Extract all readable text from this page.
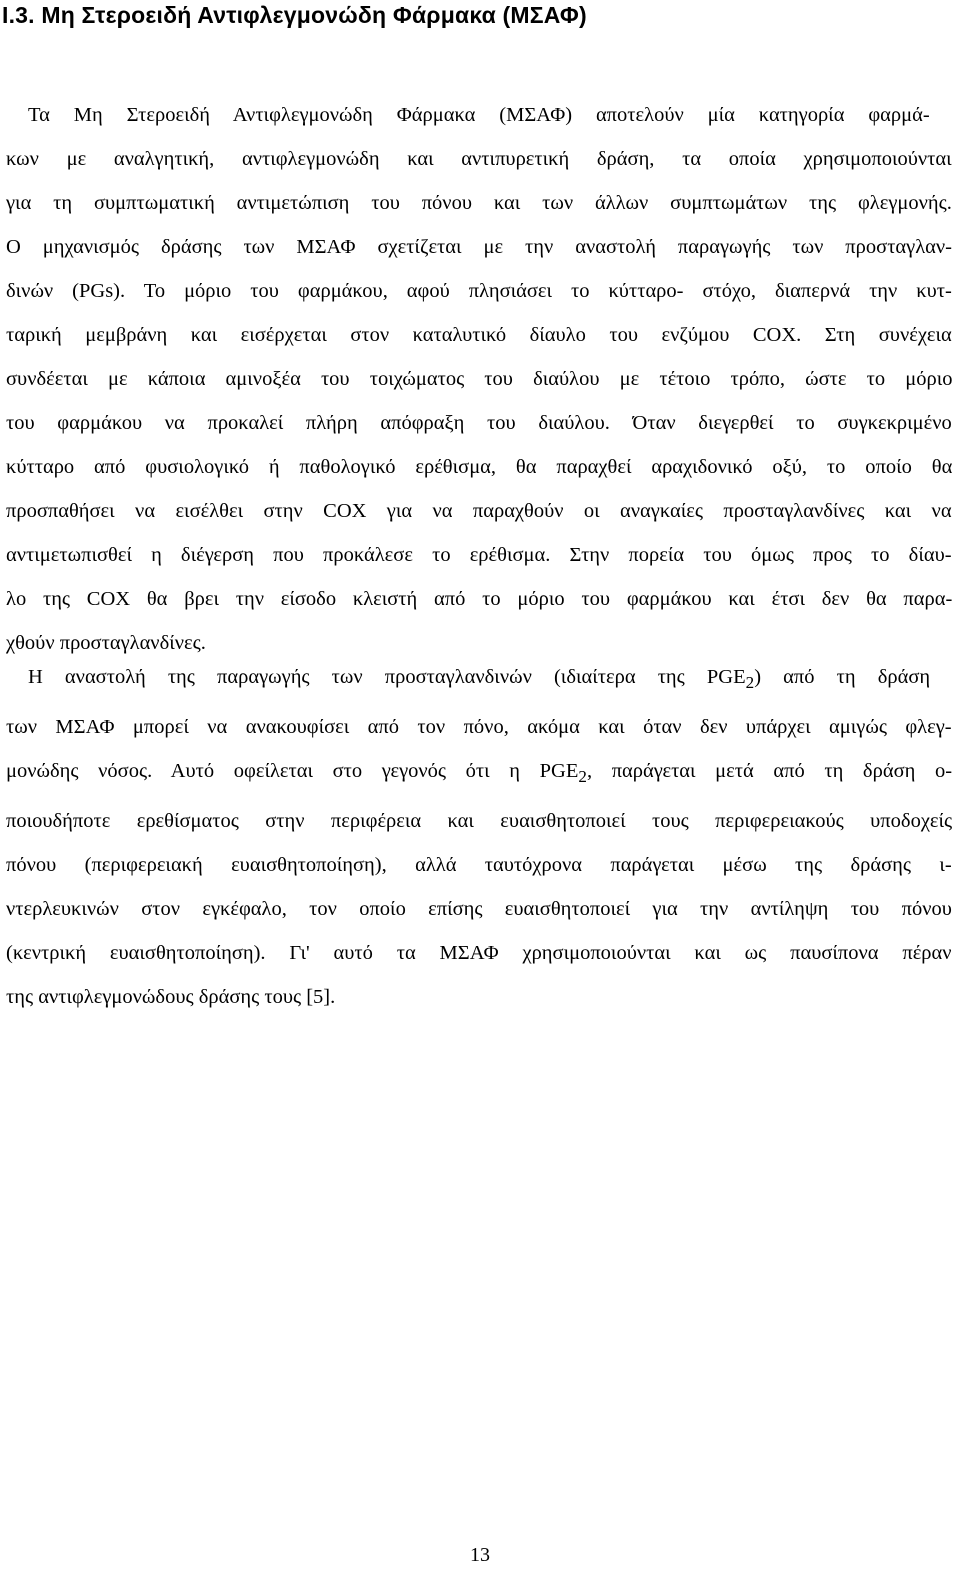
I.3. Μη Στεροειδή Αντιφλεγμονώδη Φάρμακα (ΜΣΑΦ)

Τα Μη Στεροειδή Αντιφλεγμονώδη Φάρμακα (ΜΣΑΦ) αποτελούν μία κατηγορία φαρμά-
κων με αναλγητική, αντιφλεγμονώδη και αντιπυρετική δράση, τα οποία χρησιμοποιούνται
για τη συμπτωματική αντιμετώπιση του πόνου και των άλλων συμπτωμάτων της φλεγμονής.
Ο μηχανισμός δράσης των ΜΣΑΦ σχετίζεται με την αναστολή παραγωγής των προσταγλαν-
δινών (PGs). Το μόριο του φαρμάκου, αφού πλησιάσει το κύτταρο- στόχο, διαπερνά την κυτ-
ταρική μεμβράνη και εισέρχεται στον καταλυτικό δίαυλο του ενζύμου COX. Στη συνέχεια
συνδέεται με κάποια αμινοξέα του τοιχώματος του διαύλου με τέτοιο τρόπο, ώστε το μόριο
του φαρμάκου να προκαλεί πλήρη απόφραξη του διαύλου. Όταν διεγερθεί το συγκεκριμένο
κύτταρο από φυσιολογικό ή παθολογικό ερέθισμα, θα παραχθεί αραχιδονικό οξύ, το οποίο θα
προσπαθήσει να εισέλθει στην COX για να παραχθούν οι αναγκαίες προσταγλανδίνες και να
αντιμετωπισθεί η διέγερση που προκάλεσε το ερέθισμα. Στην πορεία του όμως προς το δίαυ-
λο της COX θα βρει την είσοδο κλειστή από το μόριο του φαρμάκου και έτσι δεν θα παρα-
χθούν προσταγλανδίνες.

Η αναστολή της παραγωγής των προσταγλανδινών (ιδιαίτερα της $PGE_2$) από τη δράση
των ΜΣΑΦ μπορεί να ανακουφίσει από τον πόνο, ακόμα και όταν δεν υπάρχει αμιγώς φλεγ-
μονώδης νόσος. Αυτό οφείλεται στο γεγονός ότι η $PGE_2$, παράγεται μετά από τη δράση ο-
ποιουδήποτε ερεθίσματος στην περιφέρεια και ευαισθητοποιεί τους περιφερειακούς υποδοχείς
πόνου (περιφερειακή ευαισθητοποίηση), αλλά ταυτόχρονα παράγεται μέσω της δράσης ι-
ντερλευκινών στον εγκέφαλο, τον οποίο επίσης ευαισθητοποιεί για την αντίληψη του πόνου
(κεντρική ευαισθητοποίηση). Γι' αυτό τα ΜΣΑΦ χρησιμοποιούνται και ως παυσίπονα πέραν
της αντιφλεγμονώδους δράσης τους [5].

13
